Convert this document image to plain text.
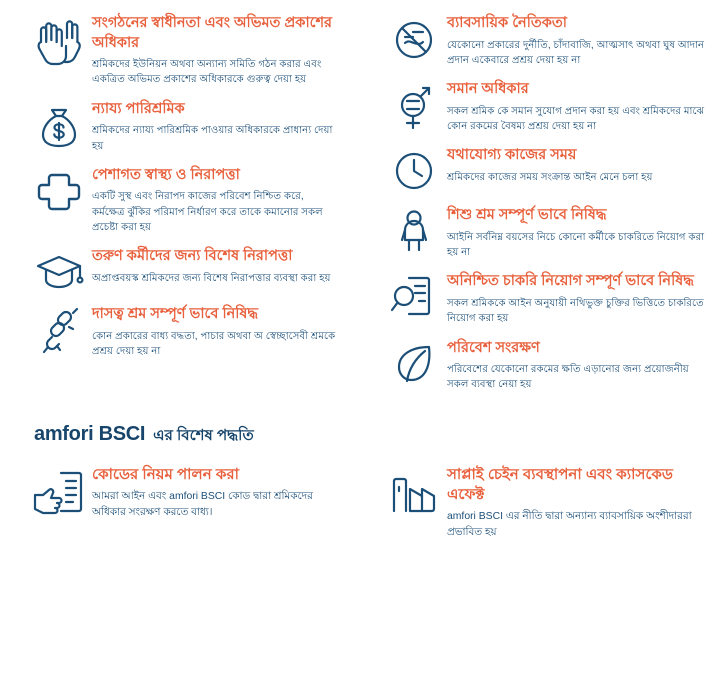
সংগঠনের স্বাধীনতা এবং অভিমত প্রকাশের অধিকার

শ্রমিকদের ইউনিয়ন অথবা অন্যান্য সমিতি গঠন করার এবং একত্রিত অভিমত প্রকাশের অধিকারকে গুরুত্ব দেয়া হয়

ন্যায্য পারিশ্রমিক

শ্রমিকদের ন্যায্য পারিশ্রমিক পাওয়ার অধিকারকে প্রাধান্য দেয়া হয়

পেশাগত স্বাস্থ্য ও নিরাপত্তা

একটি সুস্থ এবং নিরাপদ কাজের পরিবেশ নিশ্চিত করে, কর্মক্ষেত্র ঝুঁকির পরিমাপ নির্ধারণ করে তাকে কমানোর সকল প্রচেষ্টা করা হয়

তরুণ কর্মীদের জন্য বিশেষ নিরাপত্তা

অপ্রাপ্তবয়স্ক শ্রমিকদের জন্য বিশেষ নিরাপত্তার ব্যবস্থা করা হয়

দাসত্ব শ্রম সম্পূর্ণ ভাবে নিষিদ্ধ

কোন প্রকারের বাধ্য বদ্ধতা, পাচার অথবা অ স্বেচ্ছাসেবী শ্রমকে প্রশ্রয় দেয়া হয় না

ব্যাবসায়িক নৈতিকতা

যেকোনো প্রকারের দুর্নীতি, চাঁদাবাজি, আত্মসাৎ অথবা ঘুষ আদান প্রদান একেবারে প্রশ্রয় দেয়া হয় না

সমান অধিকার

সকল শ্রমিক কে সমান সুযোগ প্রদান করা হয় এবং শ্রমিকদের মাঝে কোন রকমের বৈষম্য প্রশ্রয় দেয়া হয় না

যথাযোগ্য কাজের সময়

শ্রমিকদের কাজের সময় সংক্রান্ত আইন মেনে চলা হয়

শিশু শ্রম সম্পূর্ণ ভাবে নিষিদ্ধ

আইনি সর্বনিম্ন বয়সের নিচে কোনো কর্মীকে চাকরিতে নিয়োগ করা হয় না

অনিশ্চিত চাকরি নিয়োগ সম্পূর্ণ ভাবে নিষিদ্ধ

সকল শ্রমিককে আইন অনুযায়ী নথিভুক্ত চুক্তির ভিত্তিতে চাকরিতে নিয়োগ করা হয়

পরিবেশ সংরক্ষণ

পরিবেশের যেকোনো রকমের ক্ষতি এড়ানোর জন্য প্রয়োজনীয় সকল ব্যবস্থা নেয়া হয়

amfori BSCI এর বিশেষ পদ্ধতি

কোডের নিয়ম পালন করা

আমরা আইন এবং amfori BSCI কোড দ্বারা শ্রমিকদের অধিকার সংরক্ষণ করতে বাধ্য।

সাপ্লাই চেইন ব্যবস্থাপনা এবং ক্যাসকেড এফেক্ট

amfori BSCI এর নীতি দ্বারা অন্যান্য ব্যাবসায়িক অংশীদাররা প্রভাবিত হয়
